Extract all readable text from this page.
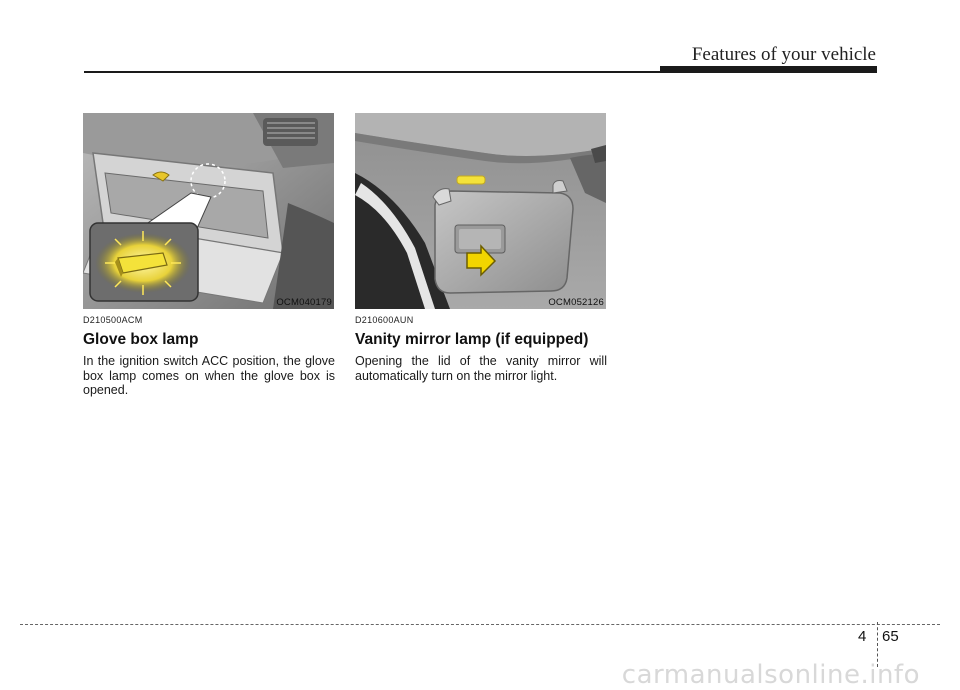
Features of your vehicle
OCM040179	OCM052126

D210500ACM

Glove box lamp

In the ignition switch ACC position, the glove box lamp comes on when the glove box is opened.

D210600AUN

Vanity mirror lamp (if equipped)

Opening the lid of the vanity mirror will automatically turn on the mirror light.

4 65
carmanualsonline.info
